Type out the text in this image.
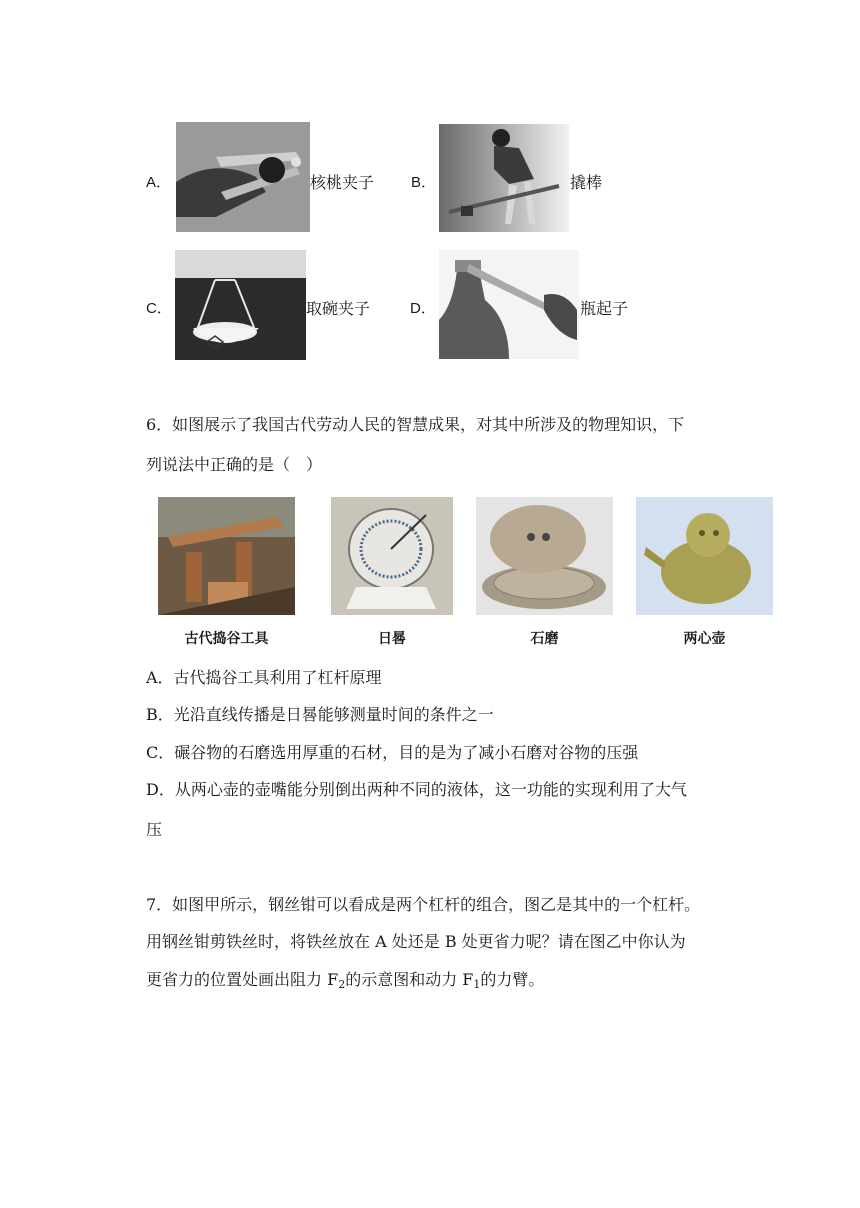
A．	核桃夹子 B．	撬棒
C．	取碗夹子	D．	瓶起子
6．如图展示了我国古代劳动人民的智慧成果，对其中所涉及的物理知识，下
列说法中正确的是（　）
古代捣谷工具	日晷	石磨	两心壶
A．古代捣谷工具利用了杠杆原理
B．光沿直线传播是日晷能够测量时间的条件之一
C．碾谷物的石磨选用厚重的石材，目的是为了减小石磨对谷物的压强
D．从两心壶的壶嘴能分别倒出两种不同的液体，这一功能的实现利用了大气
压
7．如图甲所示，钢丝钳可以看成是两个杠杆的组合，图乙是其中的一个杠杆。
用钢丝钳剪铁丝时，将铁丝放在 A 处还是 B 处更省力呢？请在图乙中你认为
更省力的位置处画出阻力 $F_2$的示意图和动力 $F_1$的力臂。
